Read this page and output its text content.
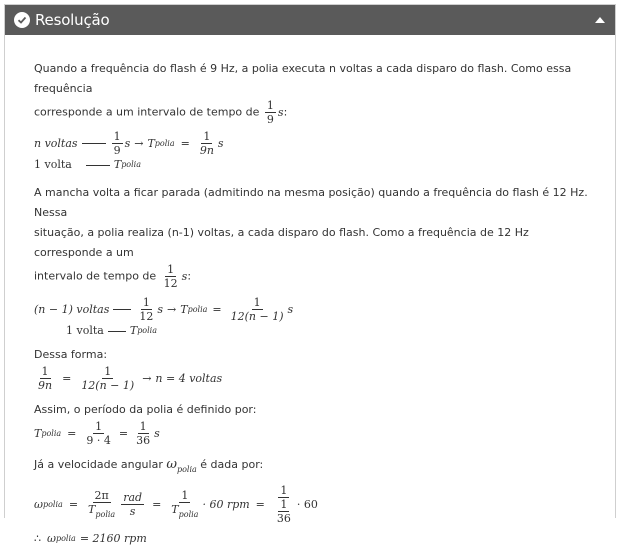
Resolução
Quando a frequência do flash é 9 Hz, a polia executa n voltas a cada disparo do flash. Como essa frequência
corresponde a um intervalo de tempo de $\frac{1}{9} s$:
n voltas	$\frac{1}{9}$ s → T polia = $\frac{1}{9n}$ s
1 volta	T polia
A mancha volta a ficar parada (admitindo na mesma posição) quando a frequência do flash é 12 Hz. Nessa
situação, a polia realiza (n-1) voltas, a cada disparo do flash. Como a frequência de 12 Hz corresponde a um
intervalo de tempo de $\frac{1}{12} s$:
(n − 1) voltas	$\frac{1}{12}$ s → T polia = $\frac{1}{12(n - 1)}$ s
1 volta T polia
Dessa forma:
$\frac{1}{9n} = \frac{1}{12(n - 1)} \to n = 4$ voltas
Assim, o período da polia é definido por:
T polia = $\frac{1}{9 \cdot 4} = \frac{1}{36}$ s
Já a velocidade angular $\omega_{polia}$ é dada por:
ω polia = $\frac{2\pi}{T_{polia}} \frac{\text{rad}}{s} = \frac{1}{T_{polia}} \cdot 60$ rpm = $\frac{1}{\frac{1}{36}} \cdot 60$
∴ ω polia = 2160 rpm
